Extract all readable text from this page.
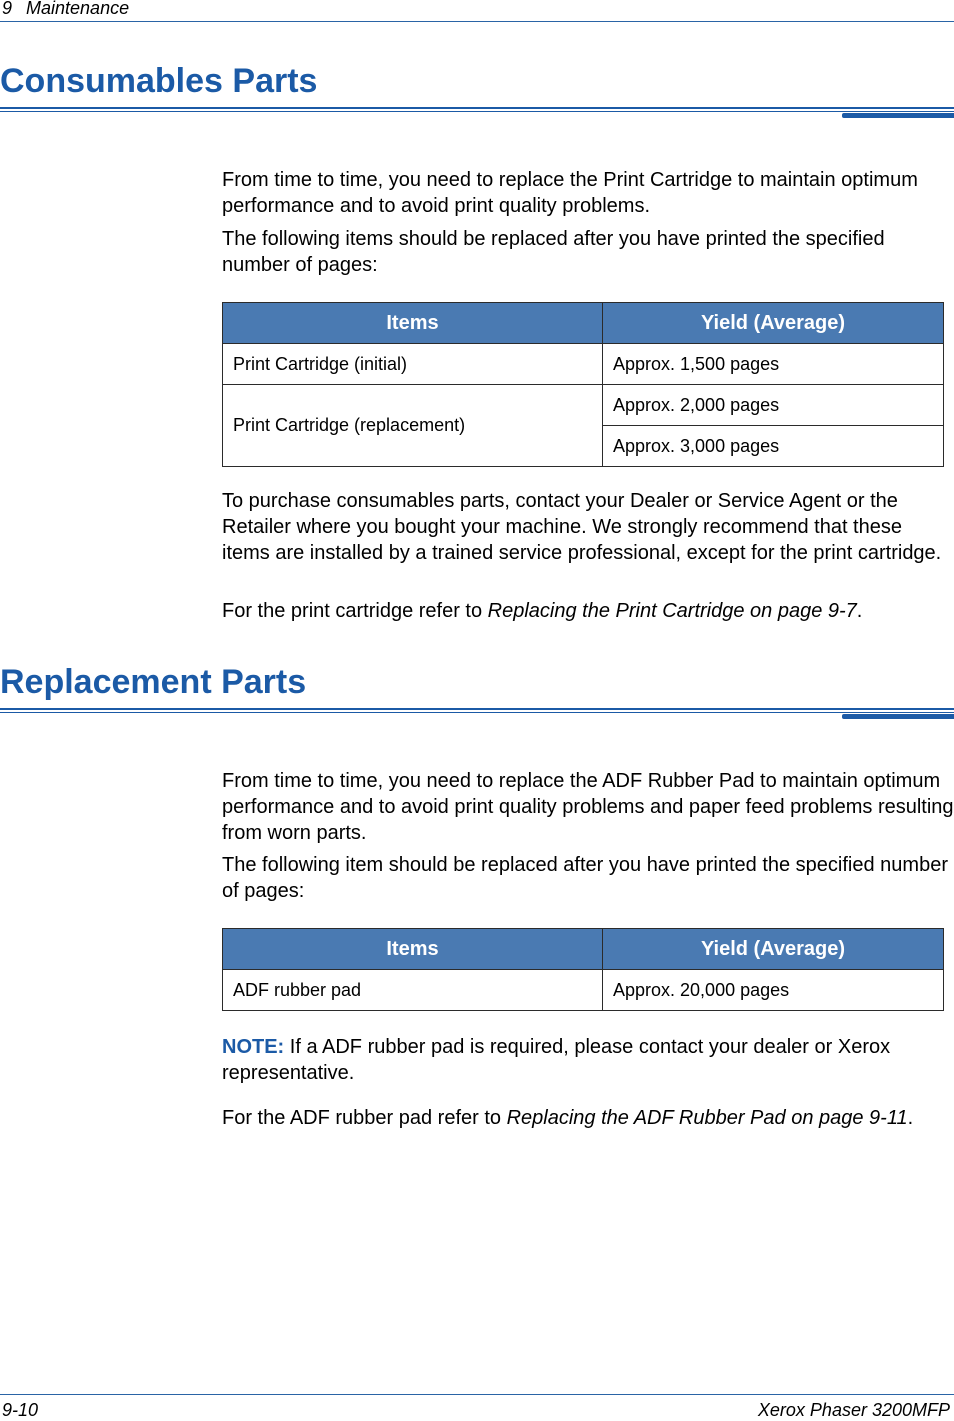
9 Maintenance
Consumables Parts

From time to time, you need to replace the Print Cartridge to maintain optimum performance and to avoid print quality problems.

The following items should be replaced after you have printed the specified number of pages:

Items	Yield (Average)
Print Cartridge (initial)	Approx. 1,500 pages
Print Cartridge (replacement)	Approx. 2,000 pages
	Approx. 3,000 pages

To purchase consumables parts, contact your Dealer or Service Agent or the Retailer where you bought your machine. We strongly recommend that these items are installed by a trained service professional, except for the print cartridge.

For the print cartridge refer to Replacing the Print Cartridge on page 9-7.

Replacement Parts

From time to time, you need to replace the ADF Rubber Pad to maintain optimum performance and to avoid print quality problems and paper feed problems resulting from worn parts.

The following item should be replaced after you have printed the specified number of pages:

Items	Yield (Average)
ADF rubber pad	Approx. 20,000 pages

NOTE: If a ADF rubber pad is required, please contact your dealer or Xerox representative.

For the ADF rubber pad refer to Replacing the ADF Rubber Pad on page 9-11.

9-10	Xerox Phaser 3200MFP
